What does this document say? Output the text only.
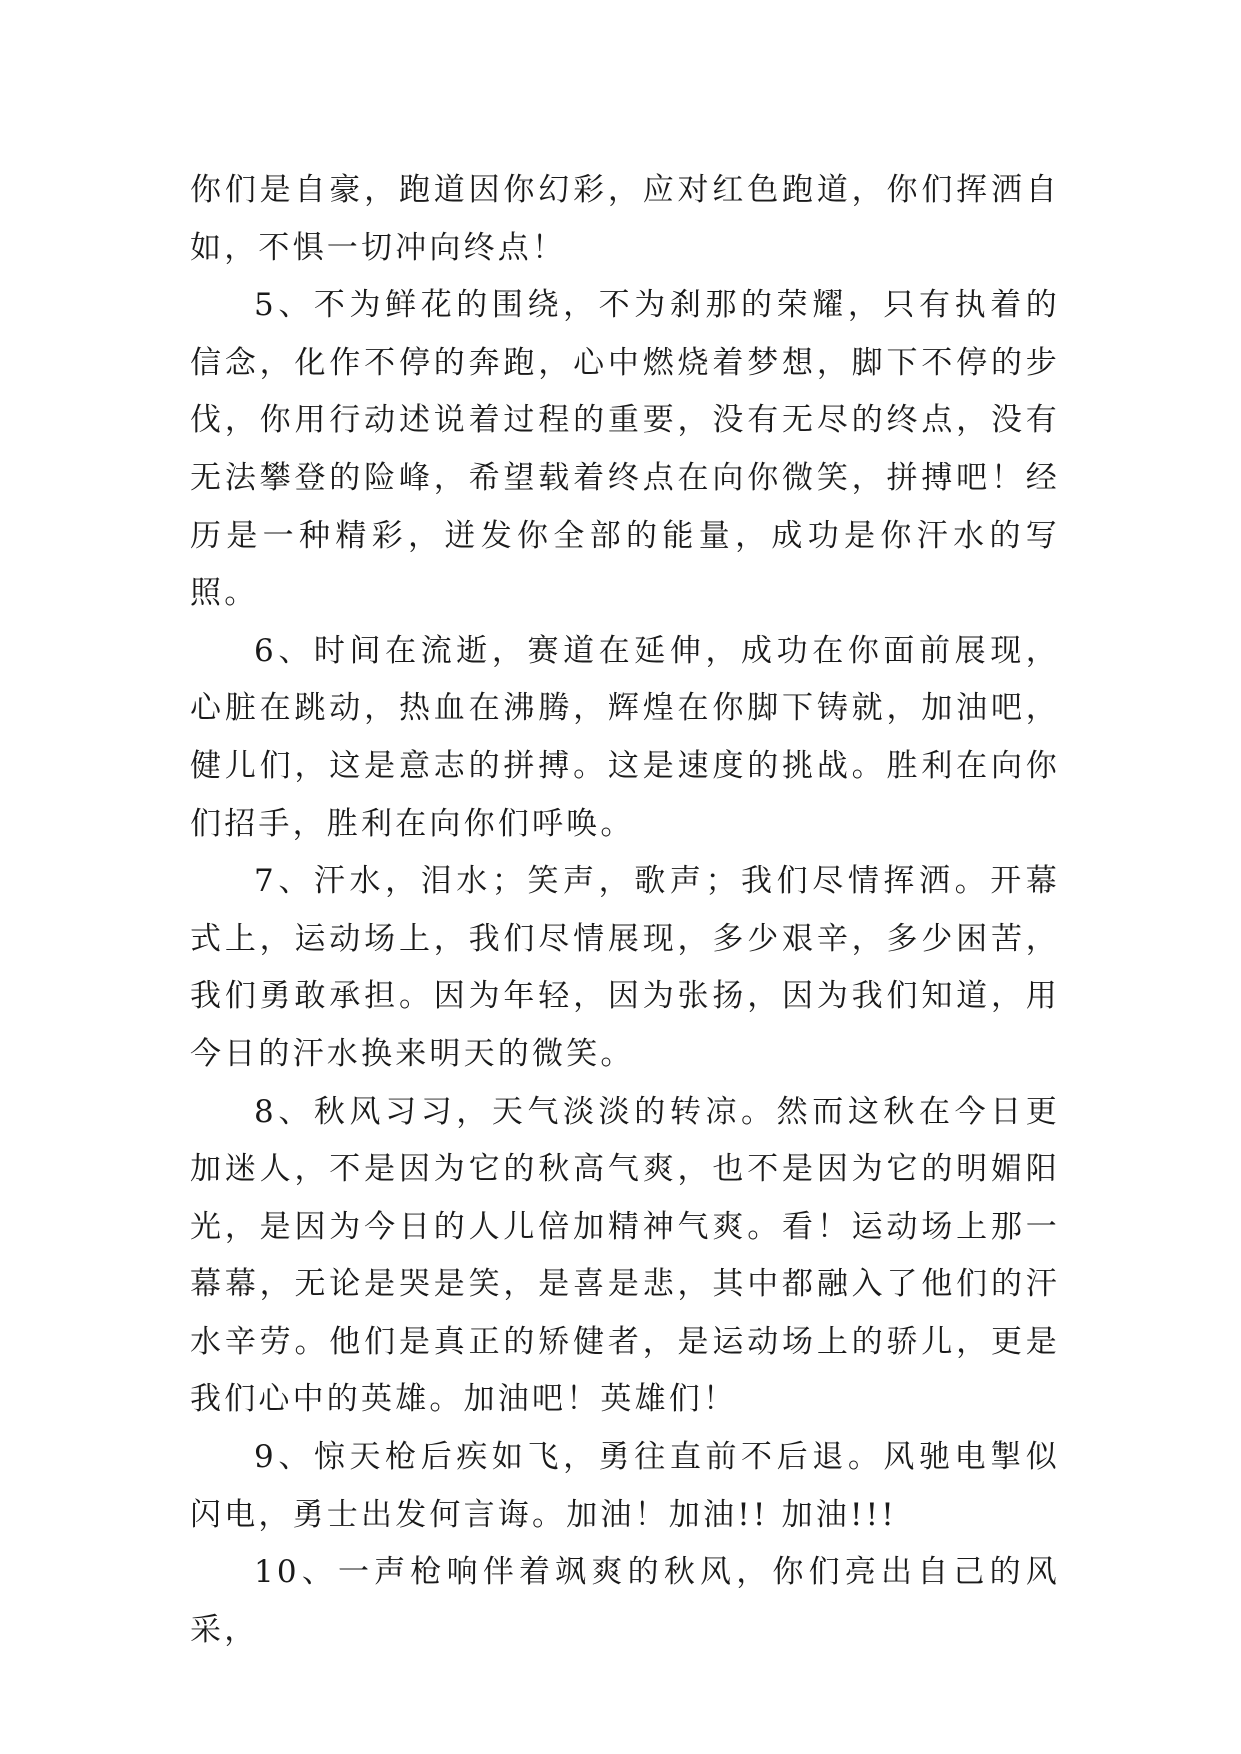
你们是自豪，跑道因你幻彩，应对红色跑道，你们挥洒自如，不惧一切冲向终点！

5、不为鲜花的围绕，不为刹那的荣耀，只有执着的信念，化作不停的奔跑，心中燃烧着梦想，脚下不停的步伐，你用行动述说着过程的重要，没有无尽的终点，没有无法攀登的险峰，希望载着终点在向你微笑，拼搏吧！经历是一种精彩，迸发你全部的能量，成功是你汗水的写照。

6、时间在流逝，赛道在延伸，成功在你面前展现，心脏在跳动，热血在沸腾，辉煌在你脚下铸就，加油吧，健儿们，这是意志的拼搏。这是速度的挑战。胜利在向你们招手，胜利在向你们呼唤。

7、汗水，泪水；笑声，歌声；我们尽情挥洒。开幕式上，运动场上，我们尽情展现，多少艰辛，多少困苦，我们勇敢承担。因为年轻，因为张扬，因为我们知道，用今日的汗水换来明天的微笑。

8、秋风习习，天气淡淡的转凉。然而这秋在今日更加迷人，不是因为它的秋高气爽，也不是因为它的明媚阳光，是因为今日的人儿倍加精神气爽。看！运动场上那一幕幕，无论是哭是笑，是喜是悲，其中都融入了他们的汗水辛劳。他们是真正的矫健者，是运动场上的骄儿，更是我们心中的英雄。加油吧！英雄们！

9、惊天枪后疾如飞，勇往直前不后退。风驰电掣似闪电，勇士出发何言诲。加油！加油!! 加油!!!

10、一声枪响伴着飒爽的秋风，你们亮出自己的风采，
